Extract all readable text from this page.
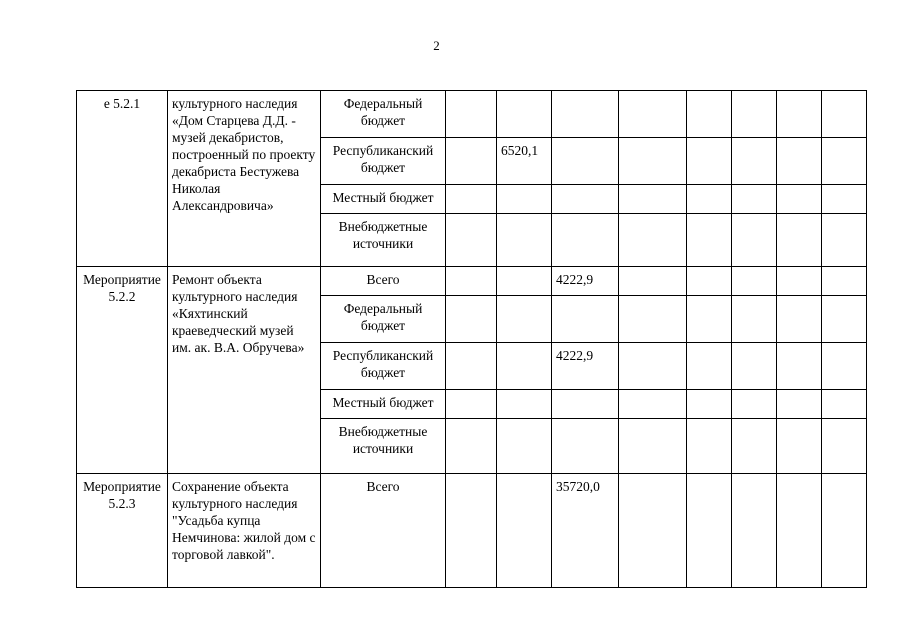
2
е 5.2.1	культурного наследия «Дом Старцева Д.Д. - музей декабристов, построенный по проекту декабриста Бестужева Николая Александровича»	Федеральный бюджет								
		Республиканский бюджет		6520,1						
		Местный бюджет								
		Внебюджетные источники								
Мероприятие 5.2.2	Ремонт объекта культурного наследия «Кяхтинский краеведческий музей им. ак. В.А. Обручева»	Всего			4222,9					
		Федеральный бюджет								
		Республиканский бюджет			4222,9					
		Местный бюджет								
		Внебюджетные источники								
Мероприятие 5.2.3	Сохранение объекта культурного наследия "Усадьба купца Немчинова: жилой дом с торговой лавкой".	Всего			35720,0					
